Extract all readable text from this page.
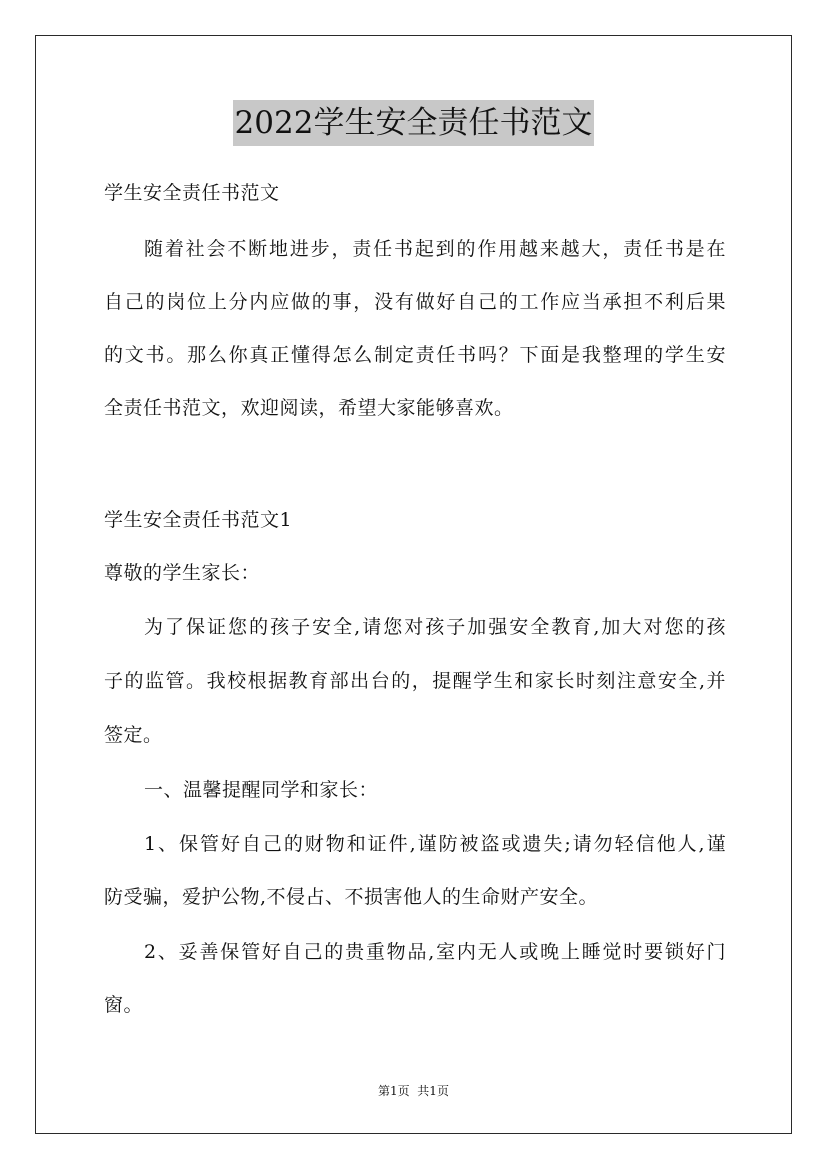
2022学生安全责任书范文
学生安全责任书范文
随着社会不断地进步，责任书起到的作用越来越大，责任书是在
自己的岗位上分内应做的事，没有做好自己的工作应当承担不利后果
的文书。那么你真正懂得怎么制定责任书吗？下面是我整理的学生安
全责任书范文，欢迎阅读，希望大家能够喜欢。
学生安全责任书范文1
尊敬的学生家长：
为了保证您的孩子安全,请您对孩子加强安全教育,加大对您的孩
子的监管。我校根据教育部出台的，提醒学生和家长时刻注意安全,并
签定。
一、温馨提醒同学和家长：
1、保管好自己的财物和证件,谨防被盗或遗失;请勿轻信他人,谨
防受骗，爱护公物,不侵占、不损害他人的生命财产安全。
2、妥善保管好自己的贵重物品,室内无人或晚上睡觉时要锁好门
窗。
第1页  共1页
